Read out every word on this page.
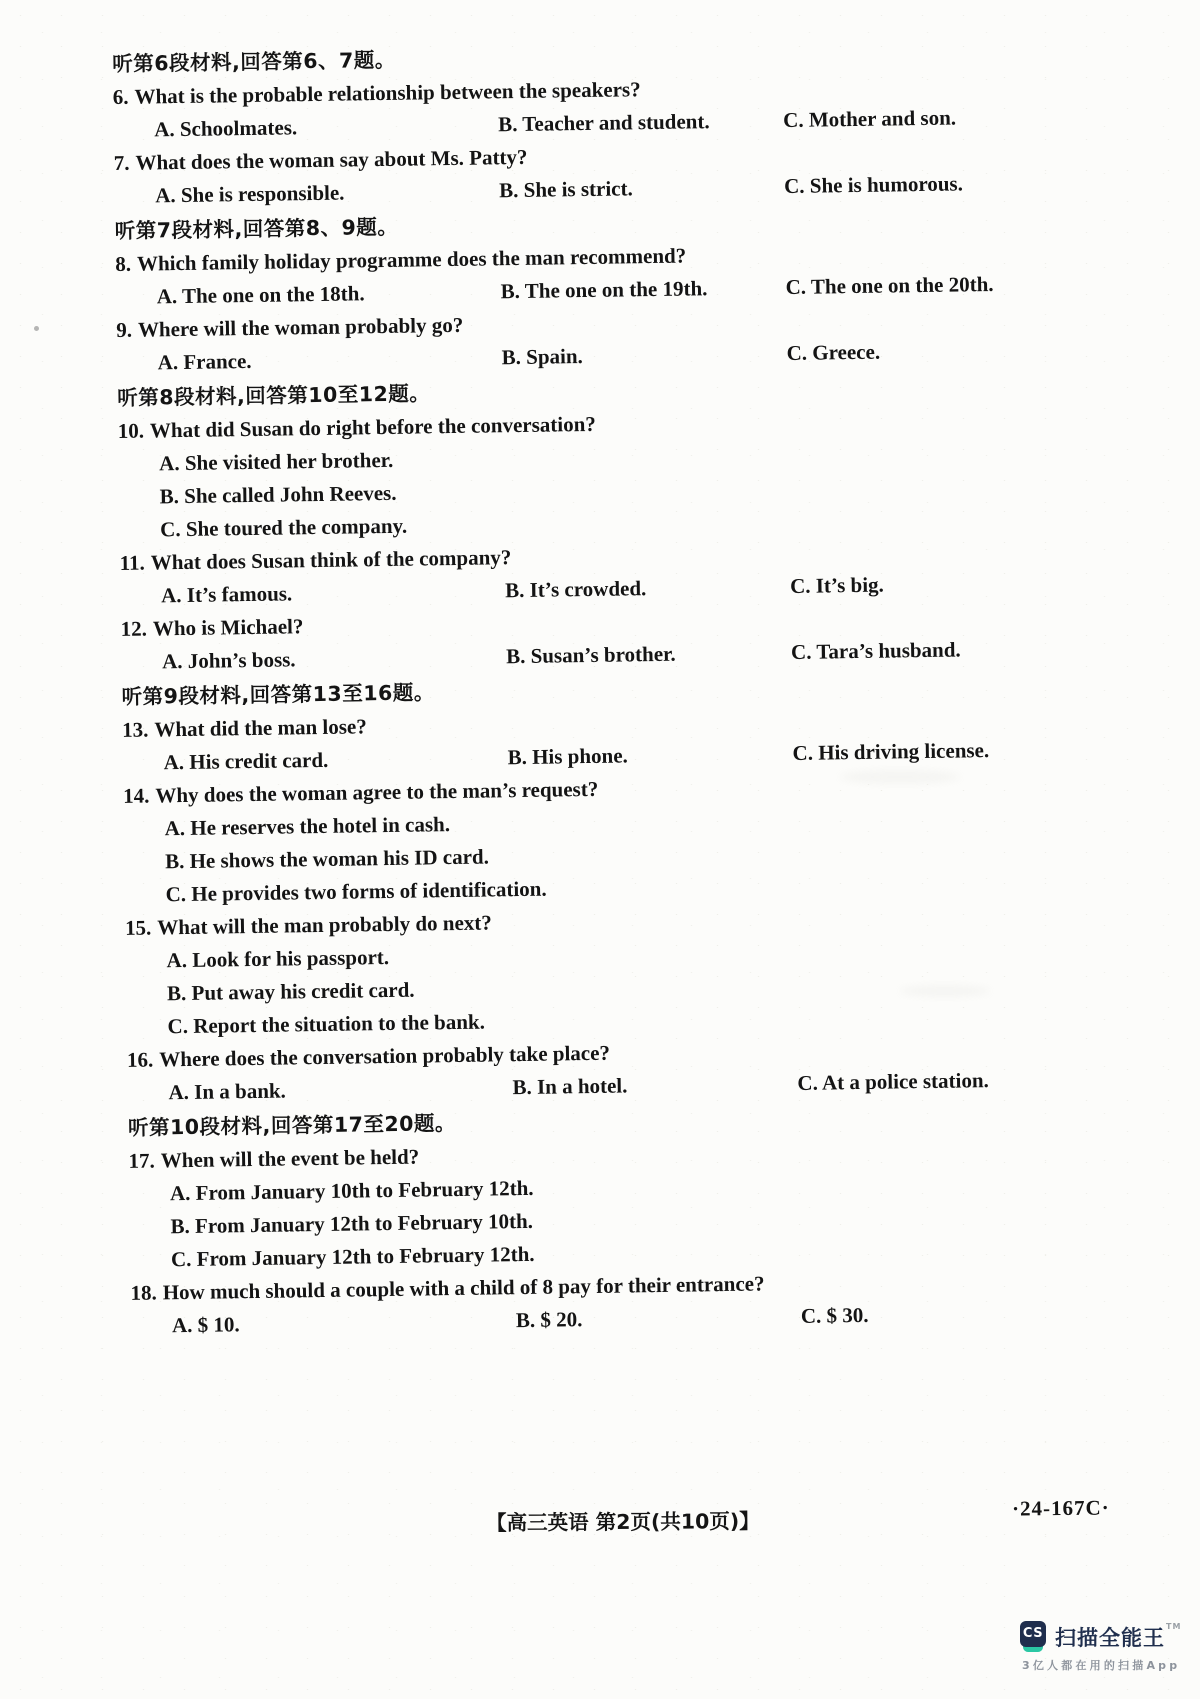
听第6段材料,回答第6、7题。
6. What is the probable relationship between the speakers?
A. Schoolmates.	B. Teacher and student.	C. Mother and son.
7. What does the woman say about Ms. Patty?
A. She is responsible.	B. She is strict.	C. She is humorous.
听第7段材料,回答第8、9题。
8. Which family holiday programme does the man recommend?
A. The one on the 18th.	B. The one on the 19th.	C. The one on the 20th.
9. Where will the woman probably go?
A. France.	B. Spain.	C. Greece.
听第8段材料,回答第10至12题。
10. What did Susan do right before the conversation?
A. She visited her brother.
B. She called John Reeves.
C. She toured the company.
11. What does Susan think of the company?
A. It’s famous.	B. It’s crowded.	C. It’s big.
12. Who is Michael?
A. John’s boss.	B. Susan’s brother.	C. Tara’s husband.
听第9段材料,回答第13至16题。
13. What did the man lose?
A. His credit card.	B. His phone.	C. His driving license.
14. Why does the woman agree to the man’s request?
A. He reserves the hotel in cash.
B. He shows the woman his ID card.
C. He provides two forms of identification.
15. What will the man probably do next?
A. Look for his passport.
B. Put away his credit card.
C. Report the situation to the bank.
16. Where does the conversation probably take place?
A. In a bank.	B. In a hotel.	C. At a police station.
听第10段材料,回答第17至20题。
17. When will the event be held?
A. From January 10th to February 12th.
B. From January 12th to February 10th.
C. From January 12th to February 12th.
18. How much should a couple with a child of 8 pay for their entrance?
A. $ 10.	B. $ 20.	C. $ 30.
·24-167C·
【高三英语 第2页(共10页)】
CS 扫描全能王™
3亿人都在用的扫描App
